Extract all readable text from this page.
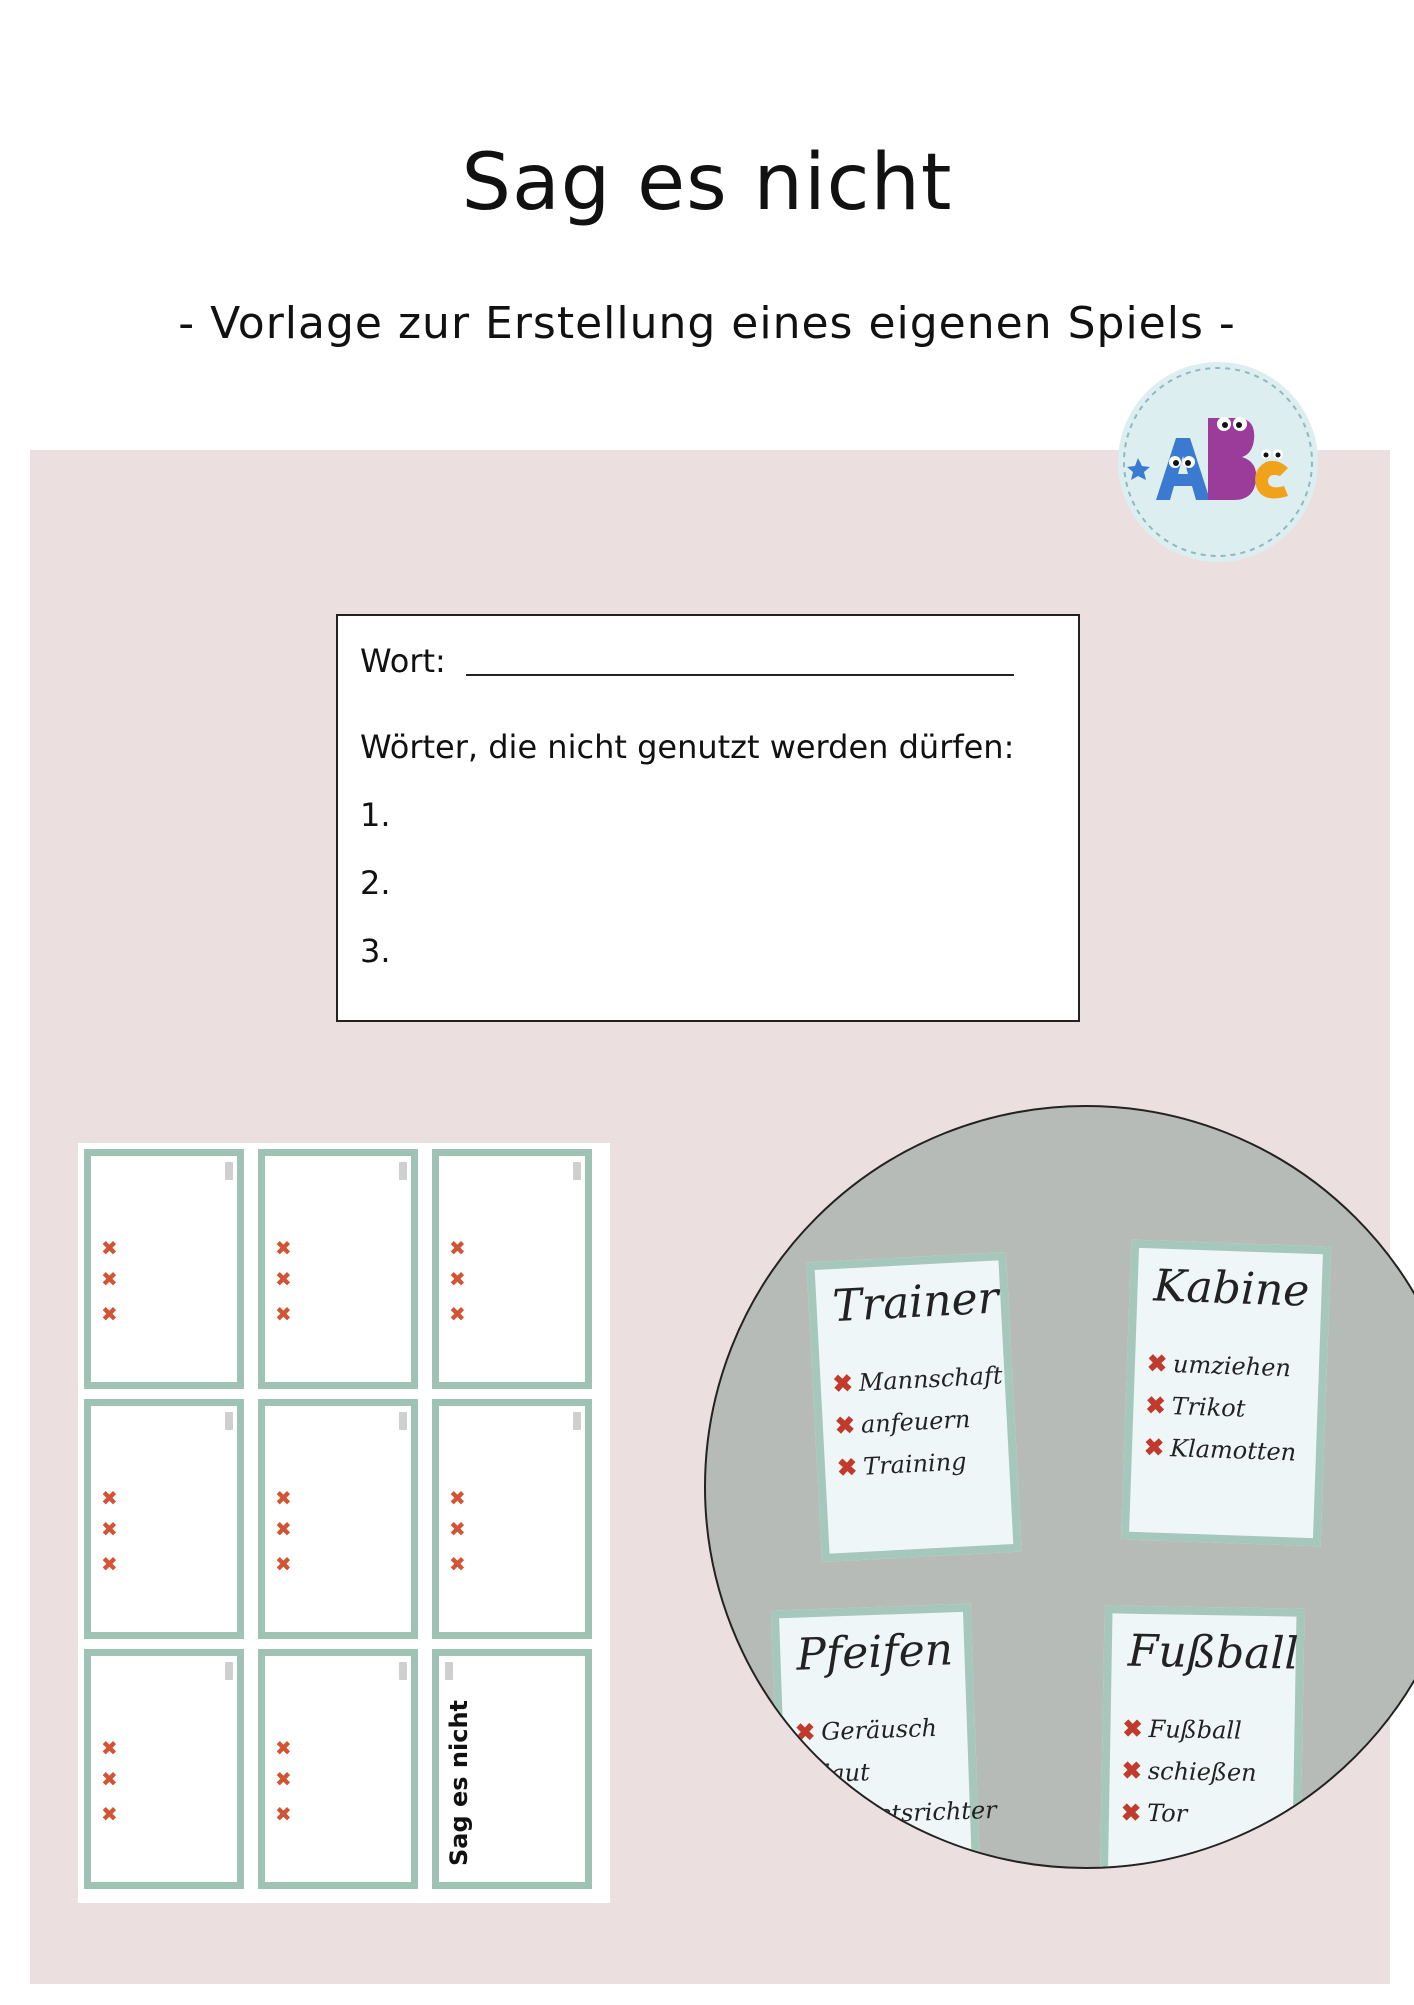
Sag es nicht
- Vorlage zur Erstellung eines eigenen Spiels -
Wort:
Wörter, die nicht genutzt werden dürfen:
1.
2.
3.
✖
✖
✖
✖
✖
✖
✖
✖
✖
✖
✖
✖
✖
✖
✖
✖
✖
✖
✖
✖
✖
✖
✖
✖	Sag es nicht
Trainer
✖ Mannschaft
✖ anfeuern
✖ Training
Kabine
✖ umziehen
✖ Trikot
✖ Klamotten
Pfeifen
✖ Geräusch
✖ laut
✖ Schietsrichter
Fußball
✖ Fußball
✖ schießen
✖ Tor
